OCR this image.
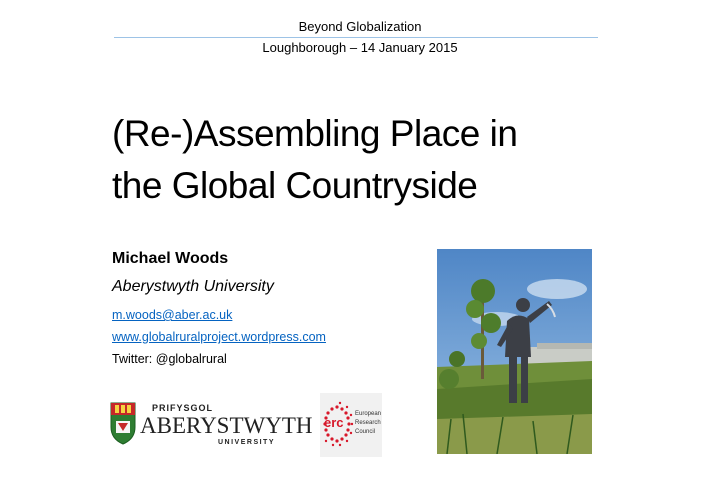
Beyond Globalization
Loughborough – 14 January 2015
(Re-)Assembling Place in
the Global Countryside
Michael Woods
Aberystwyth University
m.woods@aber.ac.uk
www.globalruralproject.wordpress.com
Twitter: @globalrural
PRIFYSGOL
ABERYSTWYTH
UNIVERSITY
erc
European
Research
Council
